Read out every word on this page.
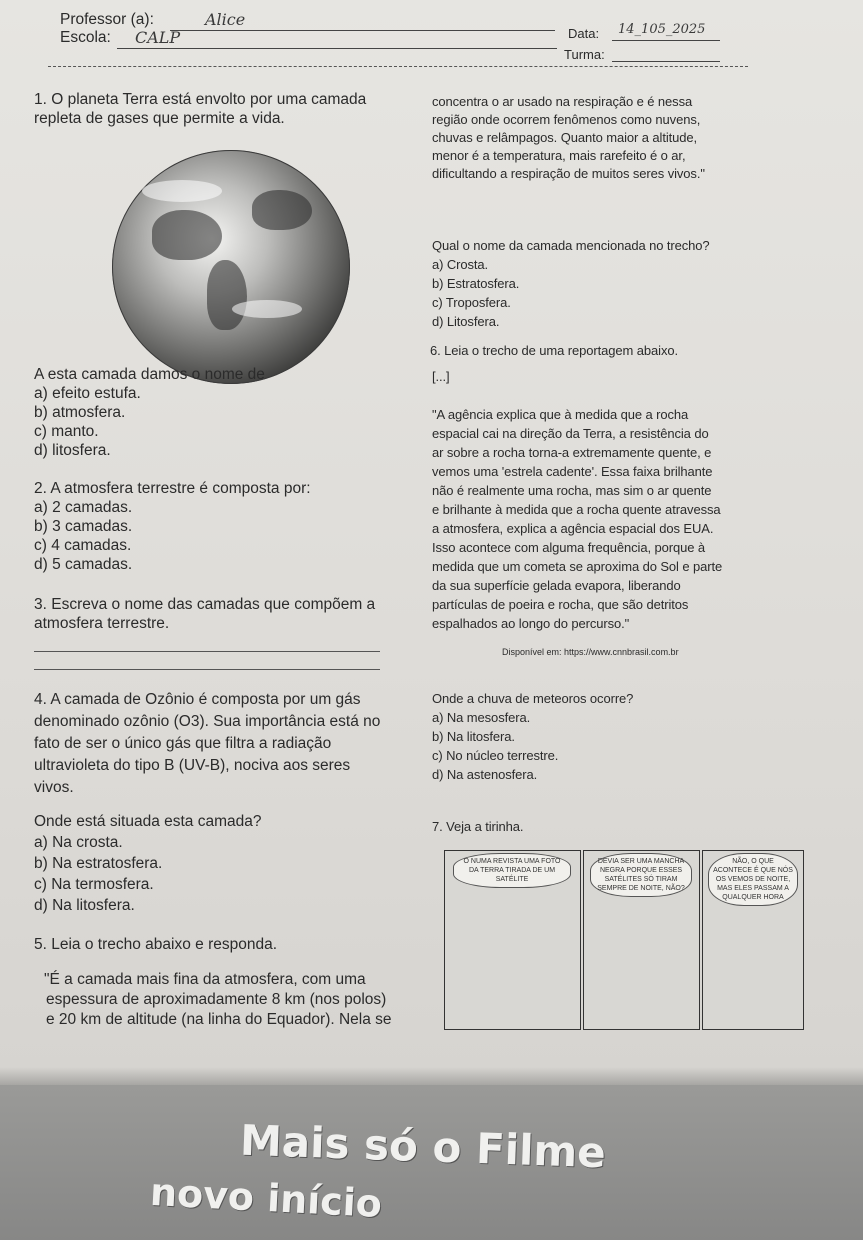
Professor (a):	Alice
Escola: CALP	Data: 14_105_2025
Turma:
1. O planeta Terra está envolto por uma camada
repleta de gases que permite a vida.
A esta camada damos o nome de
a) efeito estufa.
b) atmosfera.
c) manto.
d) litosfera.
2. A atmosfera terrestre é composta por:
a) 2 camadas.
b) 3 camadas.
c) 4 camadas.
d) 5 camadas.
3. Escreva o nome das camadas que compõem a
atmosfera terrestre.
4. A camada de Ozônio é composta por um gás
denominado ozônio (O3). Sua importância está no
fato de ser o único gás que filtra a radiação
ultravioleta do tipo B (UV-B), nociva aos seres
vivos.
Onde está situada esta camada?
a) Na crosta.
b) Na estratosfera.
c) Na termosfera.
d) Na litosfera.
5. Leia o trecho abaixo e responda.
"É a camada mais fina da atmosfera, com uma
espessura de aproximadamente 8 km (nos polos)
e 20 km de altitude (na linha do Equador). Nela se
concentra o ar usado na respiração e é nessa
região onde ocorrem fenômenos como nuvens,
chuvas e relâmpagos. Quanto maior a altitude,
menor é a temperatura, mais rarefeito é o ar,
dificultando a respiração de muitos seres vivos."
Qual o nome da camada mencionada no trecho?
a) Crosta.
b) Estratosfera.
c) Troposfera.
d) Litosfera.
6. Leia o trecho de uma reportagem abaixo.
[...]
"A agência explica que à medida que a rocha
espacial cai na direção da Terra, a resistência do
ar sobre a rocha torna-a extremamente quente, e
vemos uma 'estrela cadente'. Essa faixa brilhante
não é realmente uma rocha, mas sim o ar quente
e brilhante à medida que a rocha quente atravessa
a atmosfera, explica a agência espacial dos EUA.
Isso acontece com alguma frequência, porque à
medida que um cometa se aproxima do Sol e parte
da sua superfície gelada evapora, liberando
partículas de poeira e rocha, que são detritos
espalhados ao longo do percurso."
Disponível em: https://www.cnnbrasil.com.br
Onde a chuva de meteoros ocorre?
a) Na mesosfera.
b) Na litosfera.
c) No núcleo terrestre.
d) Na astenosfera.
7. Veja a tirinha.
O NUMA REVISTA UMA FOTO DA TERRA TIRADA DE UM SATÉLITE
DEVIA SER UMA MANCHA NEGRA PORQUE ESSES SATÉLITES SÓ TIRAM SEMPRE DE NOITE, NÃO?
NÃO, O QUE ACONTECE É QUE NÓS OS VEMOS DE NOITE, MAS ELES PASSAM A QUALQUER HORA
Mais só o Filme
novo início
